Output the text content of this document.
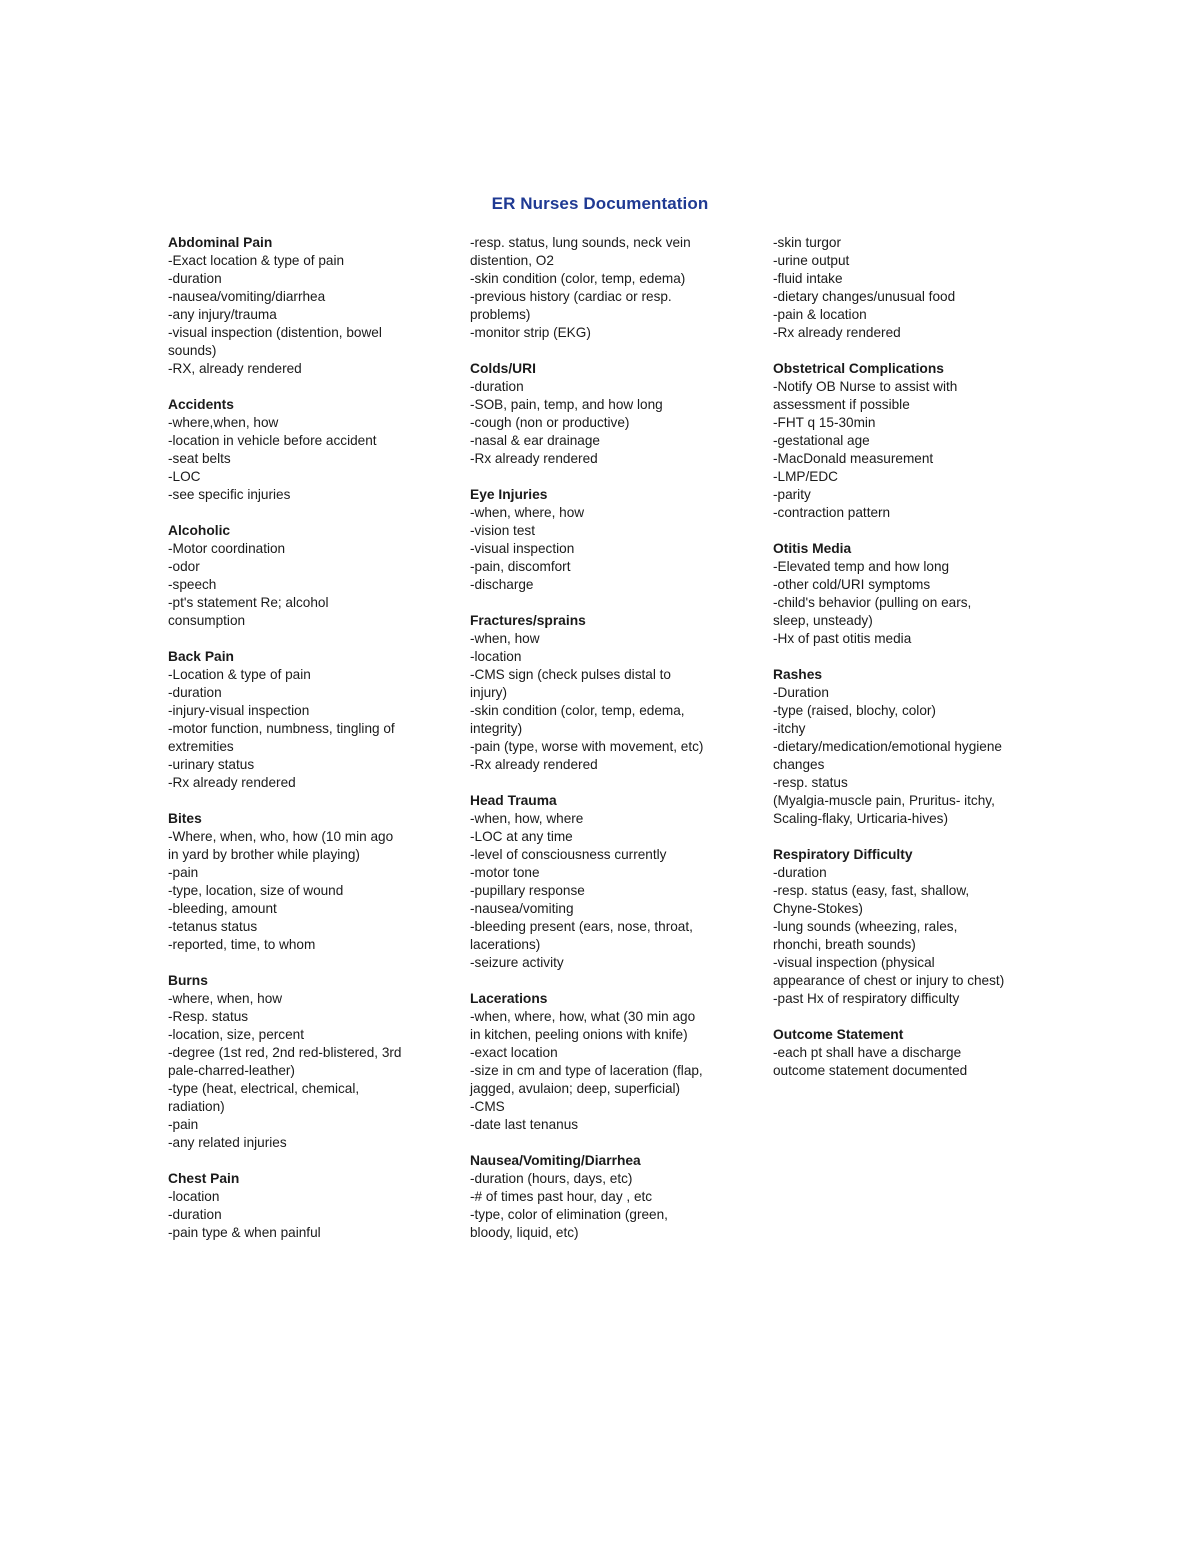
ER Nurses Documentation
Abdominal Pain
-Exact location & type of pain
-duration
-nausea/vomiting/diarrhea
-any injury/trauma
-visual inspection (distention, bowel
sounds)
-RX, already rendered
Accidents
-where,when, how
-location in vehicle before accident
-seat belts
-LOC
-see specific injuries
Alcoholic
-Motor coordination
-odor
-speech
-pt's statement Re; alcohol
consumption
Back Pain
-Location & type of pain
-duration
-injury-visual inspection
-motor function, numbness, tingling of
extremities
-urinary status
-Rx already rendered
Bites
-Where, when, who, how (10 min ago
in yard by brother while playing)
-pain
-type, location, size of wound
-bleeding, amount
-tetanus status
-reported, time, to whom
Burns
-where, when, how
-Resp. status
-location, size, percent
-degree (1st red, 2nd red-blistered, 3rd
pale-charred-leather)
-type (heat, electrical, chemical,
radiation)
-pain
-any related injuries
Chest Pain
-location
-duration
-pain type & when painful
-resp. status, lung sounds, neck vein
distention, O2
-skin condition (color, temp, edema)
-previous history (cardiac or resp.
problems)
-monitor strip (EKG)
Colds/URI
-duration
-SOB, pain, temp, and how long
-cough (non or productive)
-nasal & ear drainage
-Rx already rendered
Eye Injuries
-when, where, how
-vision test
-visual inspection
-pain, discomfort
-discharge
Fractures/sprains
-when, how
-location
-CMS sign (check pulses distal to
injury)
-skin condition (color, temp, edema,
integrity)
-pain (type, worse with movement, etc)
-Rx already rendered
Head Trauma
-when, how, where
-LOC at any time
-level of consciousness currently
-motor tone
-pupillary response
-nausea/vomiting
-bleeding present (ears, nose, throat,
lacerations)
-seizure activity
Lacerations
-when, where, how, what (30 min ago
in kitchen, peeling onions with knife)
-exact location
-size in cm and type of laceration (flap,
jagged, avulaion; deep, superficial)
-CMS
-date last tenanus
Nausea/Vomiting/Diarrhea
-duration (hours, days, etc)
-# of times past hour, day , etc
-type, color of elimination (green,
bloody, liquid, etc)
-skin turgor
-urine output
-fluid intake
-dietary changes/unusual food
-pain & location
-Rx already rendered
Obstetrical Complications
-Notify OB Nurse to assist with
assessment if possible
-FHT q 15-30min
-gestational age
-MacDonald measurement
-LMP/EDC
-parity
-contraction pattern
Otitis Media
-Elevated temp and how long
-other cold/URI symptoms
-child's behavior (pulling on ears,
sleep, unsteady)
-Hx of past otitis media
Rashes
-Duration
-type (raised, blochy, color)
-itchy
-dietary/medication/emotional hygiene
changes
-resp. status
(Myalgia-muscle pain, Pruritus- itchy,
Scaling-flaky, Urticaria-hives)
Respiratory Difficulty
-duration
-resp. status (easy, fast, shallow,
Chyne-Stokes)
-lung sounds (wheezing, rales,
rhonchi, breath sounds)
-visual inspection (physical
appearance of chest or injury to chest)
-past Hx of respiratory difficulty
Outcome Statement
-each pt shall have a discharge
outcome statement documented
